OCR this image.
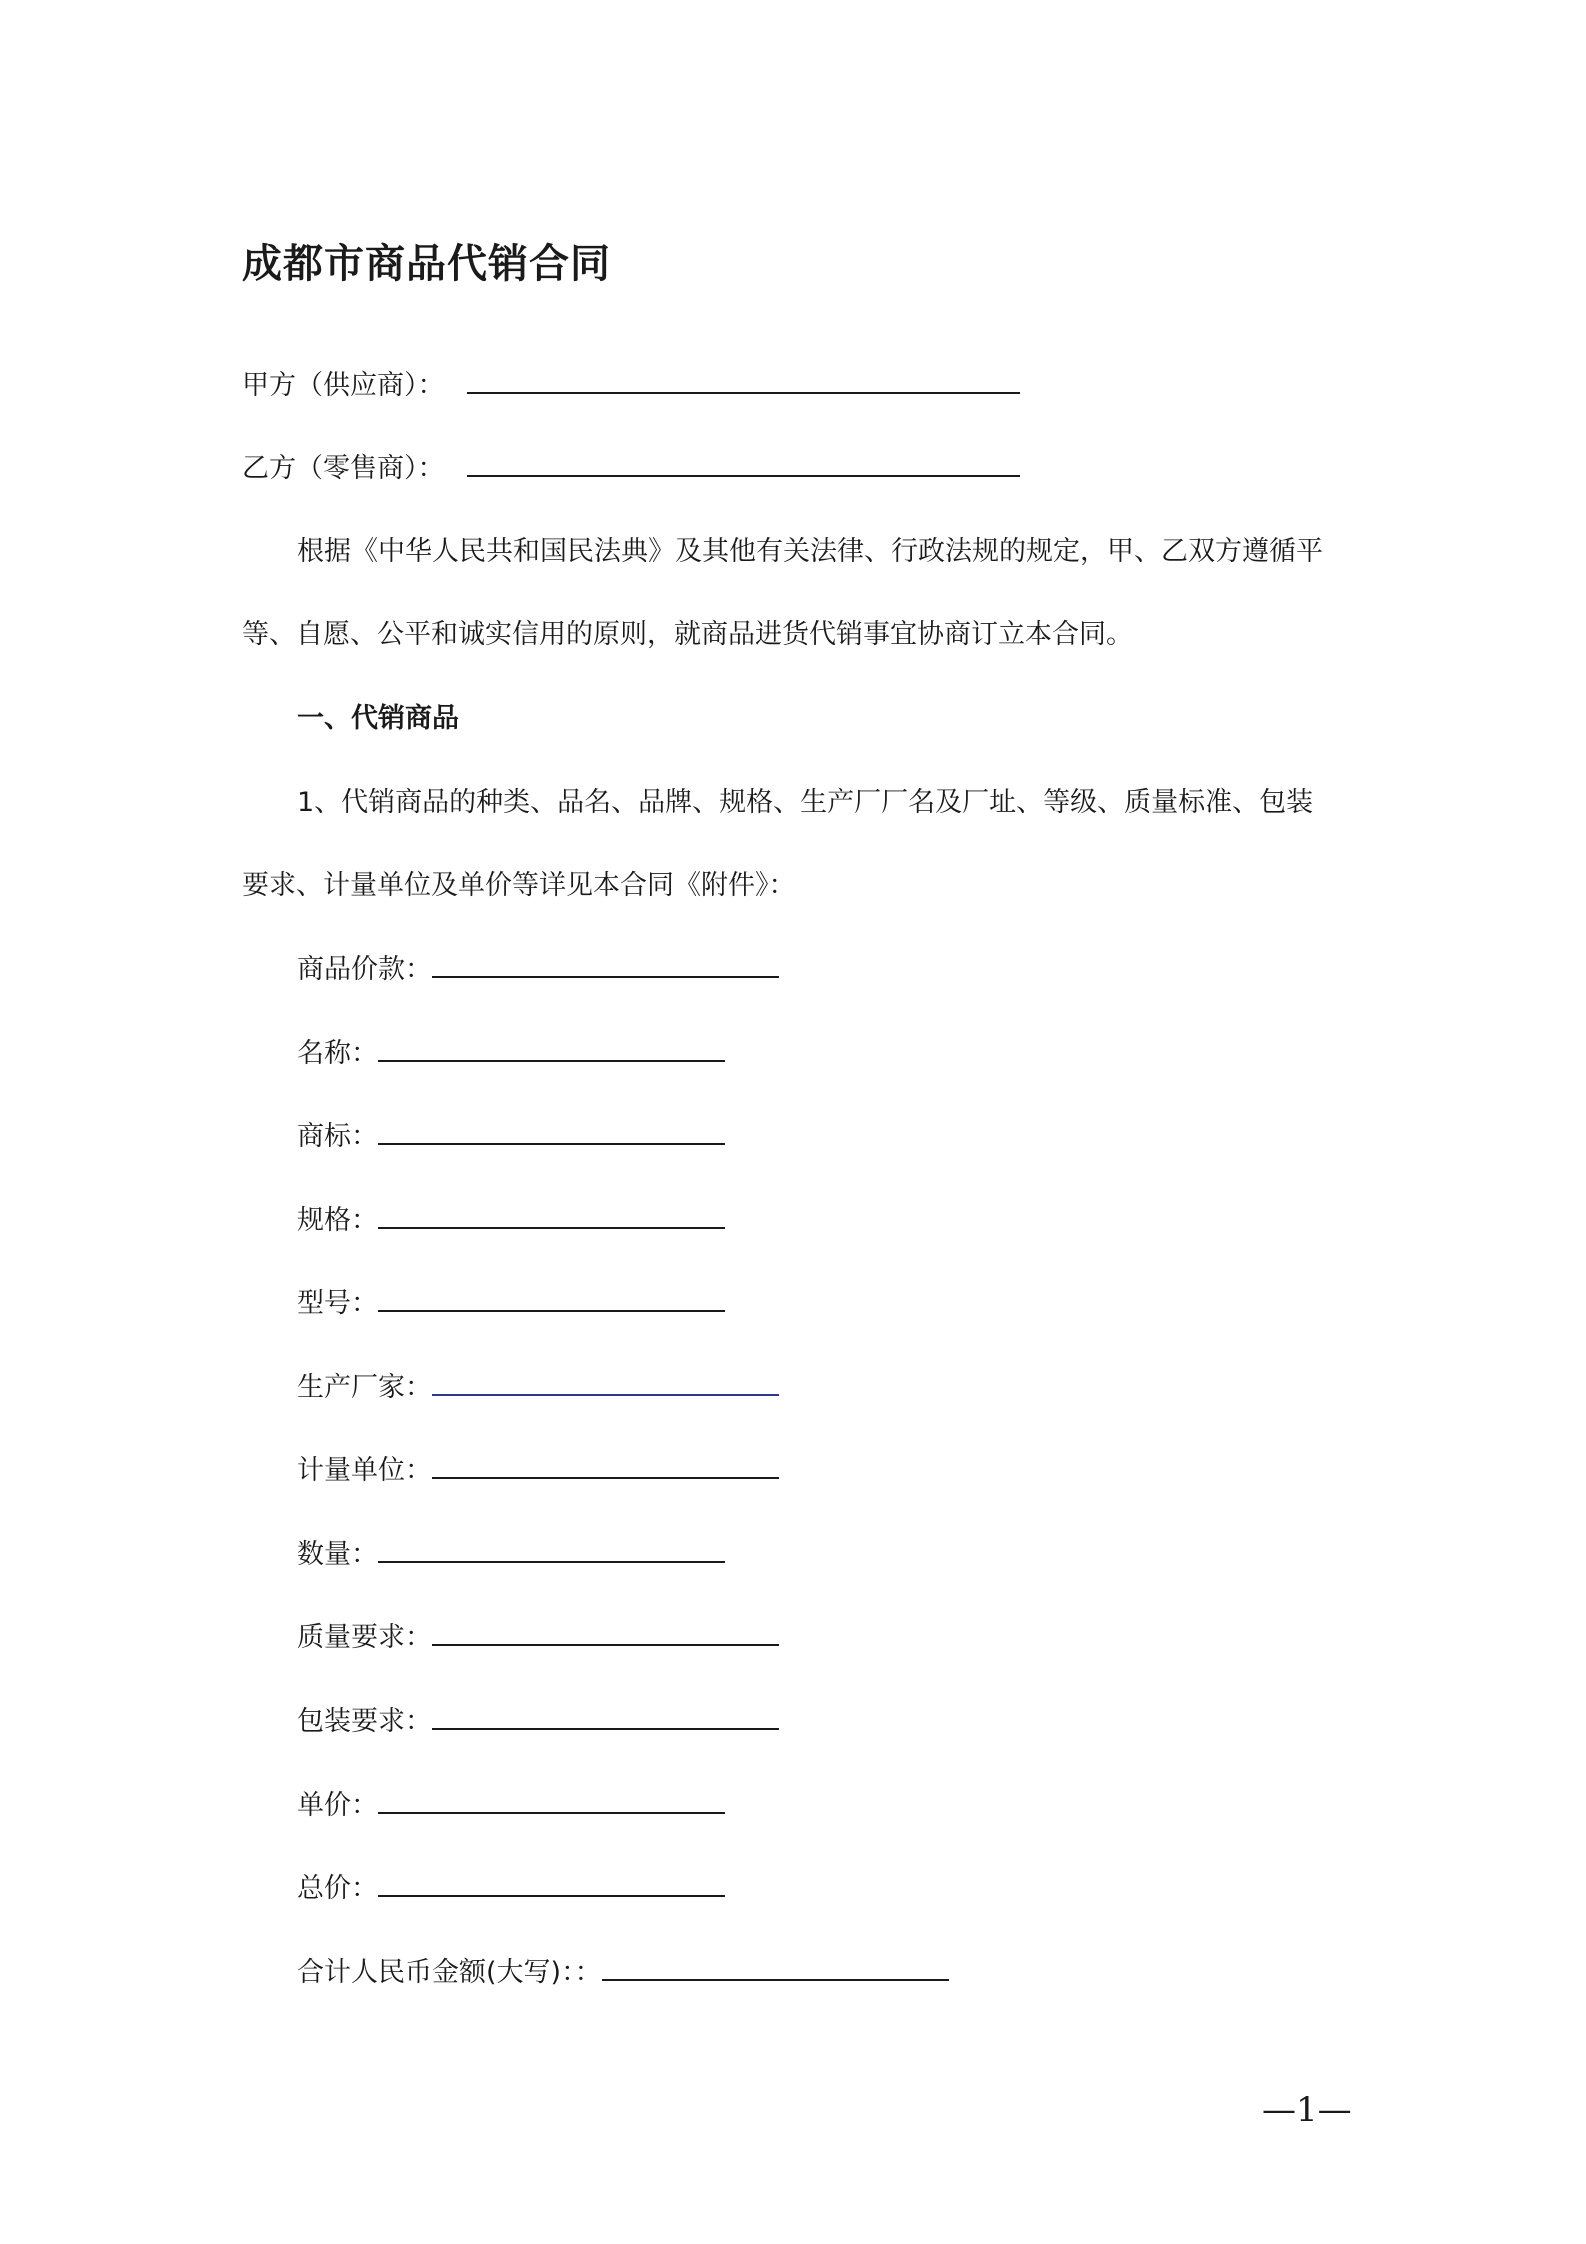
成都市商品代销合同
甲方（供应商）：
乙方（零售商）：
根据《中华人民共和国民法典》及其他有关法律、行政法规的规定，甲、乙双方遵循平
等、自愿、公平和诚实信用的原则，就商品进货代销事宜协商订立本合同。
一、代销商品
1、代销商品的种类、品名、品牌、规格、生产厂厂名及厂址、等级、质量标准、包装
要求、计量单位及单价等详见本合同《附件》：
商品价款：
名称：
商标：
规格：
型号：
生产厂家：
计量单位：
数量：
质量要求：
包装要求：
单价：
总价：
合计人民币金额(大写)：：
—1—
